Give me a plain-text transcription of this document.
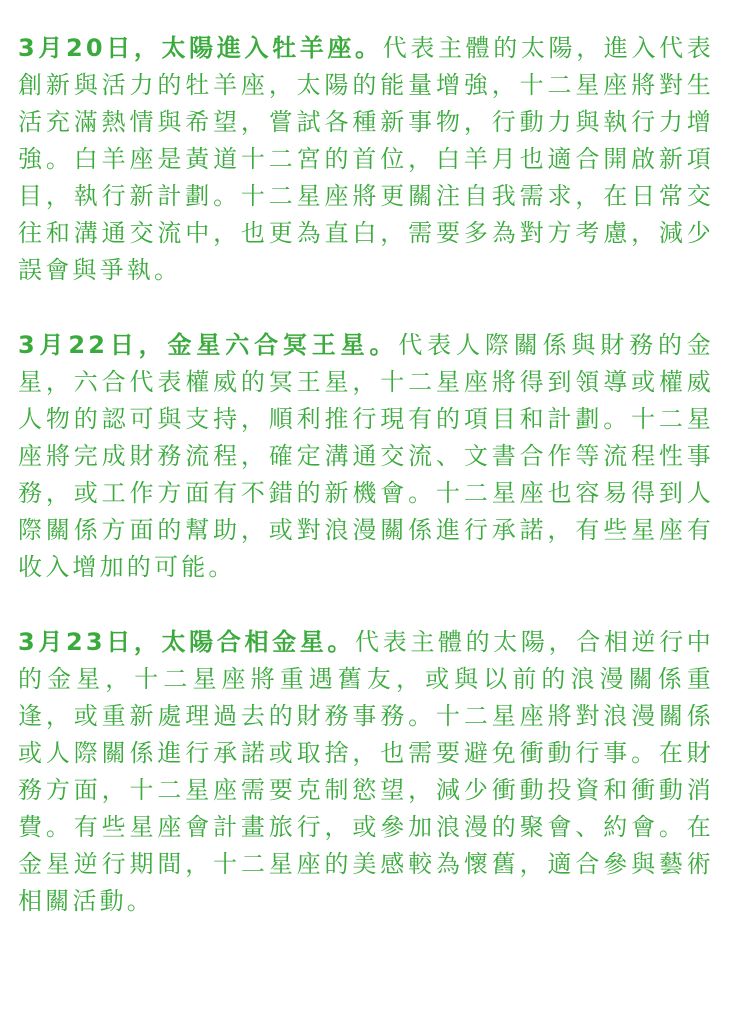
3月20日，太陽進入牡羊座。代表主體的太陽，進入代表創新與活力的牡羊座，太陽的能量增強，十二星座將對生活充滿熱情與希望，嘗試各種新事物，行動力與執行力增強。白羊座是黃道十二宮的首位，白羊月也適合開啟新項目，執行新計劃。十二星座將更關注自我需求，在日常交往和溝通交流中，也更為直白，需要多為對方考慮，減少誤會與爭執。

3月22日，金星六合冥王星。代表人際關係與財務的金星，六合代表權威的冥王星，十二星座將得到領導或權威人物的認可與支持，順利推行現有的項目和計劃。十二星座將完成財務流程，確定溝通交流、文書合作等流程性事務，或工作方面有不錯的新機會。十二星座也容易得到人際關係方面的幫助，或對浪漫關係進行承諾，有些星座有收入增加的可能。

3月23日，太陽合相金星。代表主體的太陽，合相逆行中的金星，十二星座將重遇舊友，或與以前的浪漫關係重逢，或重新處理過去的財務事務。十二星座將對浪漫關係或人際關係進行承諾或取捨，也需要避免衝動行事。在財務方面，十二星座需要克制慾望，減少衝動投資和衝動消費。有些星座會計畫旅行，或參加浪漫的聚會、約會。在金星逆行期間，十二星座的美感較為懷舊，適合參與藝術相關活動。
